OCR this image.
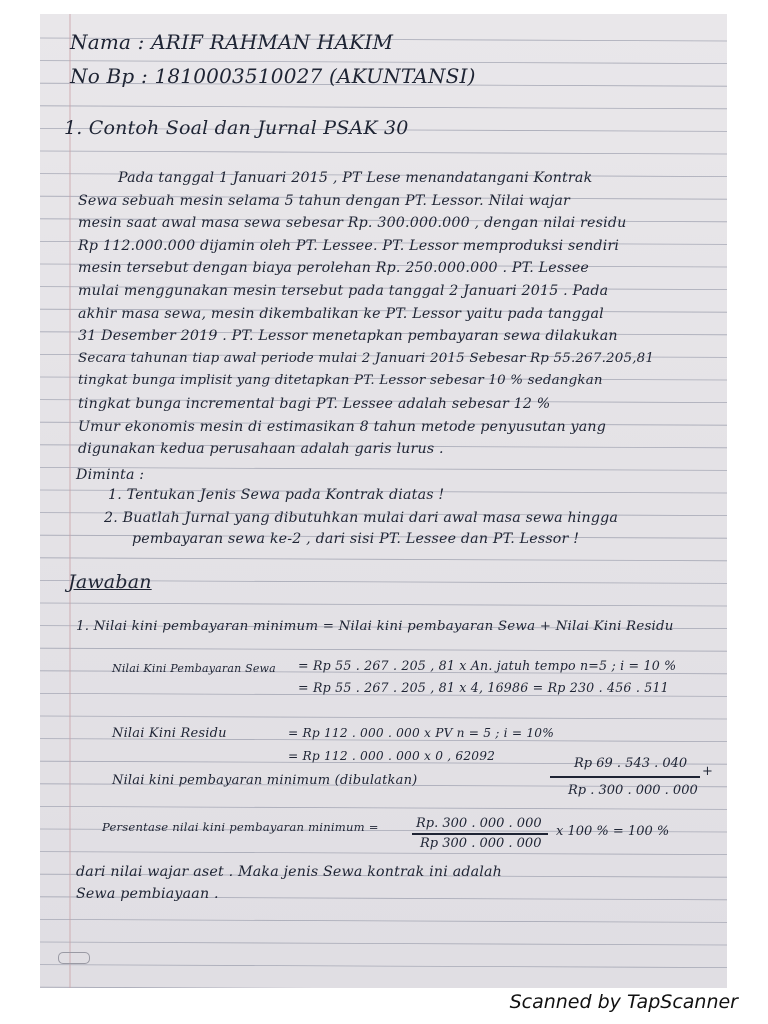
Nama : ARIF RAHMAN HAKIM
No Bp : 1810003510027 (AKUNTANSI)
1. Contoh Soal dan Jurnal PSAK 30
Pada tanggal 1 Januari 2015 , PT Lese menandatangani Kontrak
Sewa sebuah mesin selama 5 tahun dengan PT. Lessor. Nilai wajar
mesin saat awal masa sewa sebesar Rp. 300.000.000 , dengan nilai residu
Rp 112.000.000 dijamin oleh PT. Lessee. PT. Lessor memproduksi sendiri
mesin tersebut dengan biaya perolehan Rp. 250.000.000 . PT. Lessee
mulai menggunakan mesin tersebut pada tanggal 2 Januari 2015 . Pada
akhir masa sewa, mesin dikembalikan ke PT. Lessor yaitu pada tanggal
31 Desember 2019 . PT. Lessor menetapkan pembayaran sewa dilakukan
Secara tahunan tiap awal periode mulai 2 Januari 2015 Sebesar Rp 55.267.205,81
tingkat bunga implisit yang ditetapkan PT. Lessor sebesar 10 % sedangkan
tingkat bunga incremental bagi PT. Lessee adalah sebesar 12 %
Umur ekonomis mesin di estimasikan 8 tahun metode penyusutan yang
digunakan kedua perusahaan adalah garis lurus .
Diminta :
1. Tentukan Jenis Sewa pada Kontrak diatas !
2. Buatlah Jurnal yang dibutuhkan mulai dari awal masa sewa hingga
pembayaran sewa ke-2 , dari sisi PT. Lessee dan PT. Lessor !
Jawaban
1. Nilai kini pembayaran minimum = Nilai kini pembayaran Sewa + Nilai Kini Residu
Nilai Kini Pembayaran Sewa = Rp 55 . 267 . 205 , 81 x An. jatuh tempo n=5 ; i = 10 %
= Rp 55 . 267 . 205 , 81 x 4, 16986 = Rp 230 . 456 . 511
Nilai Kini Residu	= Rp 112 . 000 . 000 x PV n = 5 ; i = 10%
= Rp 112 . 000 . 000 x 0 , 62092	Rp 69 . 543 . 040
+
Nilai kini pembayaran minimum (dibulatkan)
Rp . 300 . 000 . 000
Persentase nilai kini pembayaran minimum =	Rp. 300 . 000 . 000
Rp 300 . 000 . 000
x 100 % = 100 %
dari nilai wajar aset . Maka jenis Sewa kontrak ini adalah
Sewa pembiayaan .
Scanned by TapScanner
